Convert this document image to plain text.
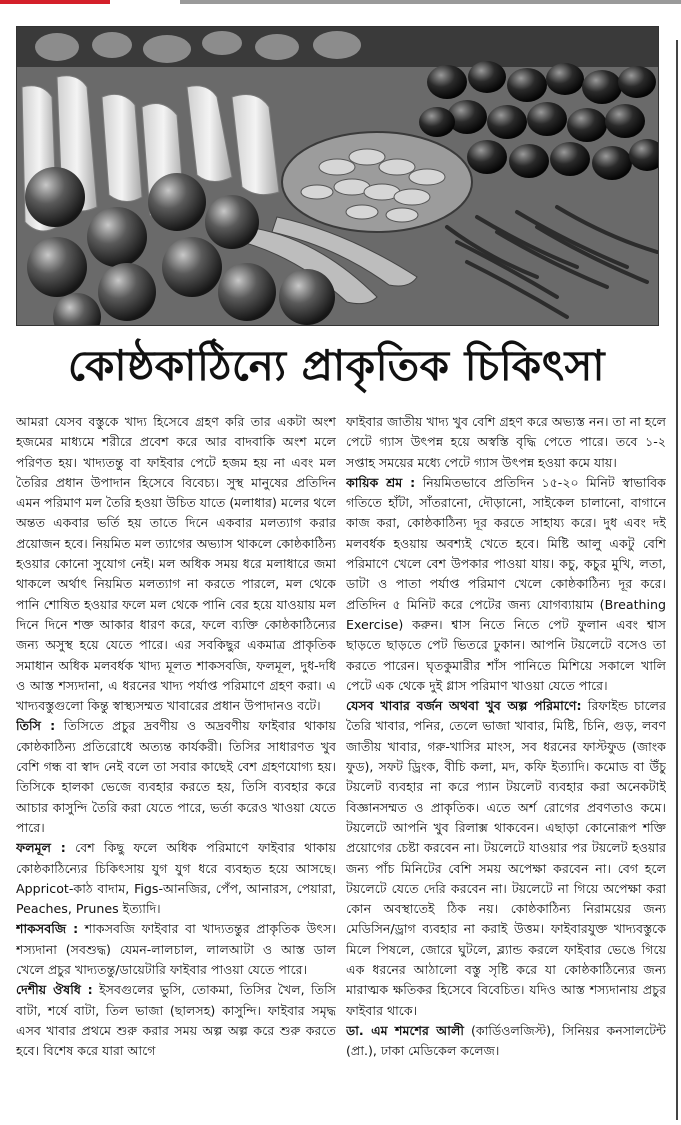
কোষ্ঠকাঠিন্যে প্রাকৃতিক চিকিৎসা

আমরা যেসব বস্তুকে খাদ্য হিসেবে গ্রহণ করি তার একটা অংশ হজমের মাধ্যমে শরীরে প্রবেশ করে আর বাদবাকি অংশ মলে পরিণত হয়। খাদ্যতন্তু বা ফাইবার পেটে হজম হয় না এবং মল তৈরির প্রধান উপাদান হিসেবে বিবেচ্য। সুস্থ মানুষের প্রতিদিন এমন পরিমাণ মল তৈরি হওয়া উচিত যাতে (মলাধার) মলের থলে অন্তত একবার ভর্তি হয় তাতে দিনে একবার মলত্যাগ করার প্রয়োজন হবে। নিয়মিত মল ত্যাগের অভ্যাস থাকলে কোষ্ঠকাঠিন্য হওয়ার কোনো সুযোগ নেই। মল অধিক সময় ধরে মলাধারে জমা থাকলে অর্থাৎ নিয়মিত মলত্যাগ না করতে পারলে, মল থেকে পানি শোষিত হওয়ার ফলে মল থেকে পানি বের হয়ে যাওয়ায় মল দিনে দিনে শক্ত আকার ধারণ করে, ফলে ব্যক্তি কোষ্ঠকাঠিন্যের জন্য অসুস্থ হয়ে যেতে পারে। এর সবকিছুর একমাত্র প্রাকৃতিক সমাধান অধিক মলবর্ধক খাদ্য মূলত শাকসবজি, ফলমূল, দুধ-দধি ও আস্ত শস্যদানা, এ ধরনের খাদ্য পর্যাপ্ত পরিমাণে গ্রহণ করা। এ খাদ্যবস্তুগুলো কিন্তু স্বাস্থ্যসম্মত খাবারের প্রধান উপাদানও বটে।

তিসি : তিসিতে প্রচুর দ্রবণীয় ও অদ্রবণীয় ফাইবার থাকায় কোষ্ঠকাঠিন্য প্রতিরোধে অত্যন্ত কার্যকরী। তিসির সাধারণত খুব বেশি গন্ধ বা স্বাদ নেই বলে তা সবার কাছেই বেশ গ্রহণযোগ্য হয়। তিসিকে হালকা ভেজে ব্যবহার করতে হয়, তিসি ব্যবহার করে আচার কাসুন্দি তৈরি করা যেতে পারে, ভর্তা করেও খাওয়া যেতে পারে।

ফলমূল : বেশ কিছু ফলে অধিক পরিমাণে ফাইবার থাকায় কোষ্ঠকাঠিন্যের চিকিৎসায় যুগ যুগ ধরে ব্যবহৃত হয়ে আসছে। Appricot-কাঠ বাদাম, Figs-আনজির, পেঁপ, আনারস, পেয়ারা, Peaches, Prunes ইত্যাদি।

শাকসবজি : শাকসবজি ফাইবার বা খাদ্যতন্তুর প্রাকৃতিক উৎস। শস্যদানা (সবশুদ্ধ) যেমন-লালচাল, লালআটা ও আস্ত ডাল খেলে প্রচুর খাদ্যতন্তু/ডায়েটারি ফাইবার পাওয়া যেতে পারে।

দেশীয় ঔষধি : ইসবগুলের ভুসি, তোকমা, তিসির খৈল, তিসি বাটা, শর্ষে বাটা, তিল ভাজা (ছালসহ) কাসুন্দি। ফাইবার সমৃদ্ধ এসব খাবার প্রথমে শুরু করার সময় অল্প অল্প করে শুরু করতে হবে। বিশেষ করে যারা আগে

ফাইবার জাতীয় খাদ্য খুব বেশি গ্রহণ করে অভ্যস্ত নন। তা না হলে পেটে গ্যাস উৎপন্ন হয়ে অস্বস্তি বৃদ্ধি পেতে পারে। তবে ১-২ সপ্তাহ সময়ের মধ্যে পেটে গ্যাস উৎপন্ন হওয়া কমে যায়।

কায়িক শ্রম : নিয়মিতভাবে প্রতিদিন ১৫-২০ মিনিট স্বাভাবিক গতিতে হাঁটা, সাঁতরানো, দৌড়ানো, সাইকেল চালানো, বাগানে কাজ করা, কোষ্ঠকাঠিন্য দূর করতে সাহায্য করে। দুধ এবং দই মলবর্ধক হওয়ায় অবশ্যই খেতে হবে। মিষ্টি আলু একটু বেশি পরিমাণে খেলে বেশ উপকার পাওয়া যায়। কচু, কচুর মুখি, লতা, ডাটা ও পাতা পর্যাপ্ত পরিমাণ খেলে কোষ্ঠকাঠিন্য দূর করে। প্রতিদিন ৫ মিনিট করে পেটের জন্য যোগব্যায়াম (Breathing Exercise) করুন। শ্বাস নিতে নিতে পেট ফুলান এবং শ্বাস ছাড়তে ছাড়তে পেট ভিতরে ঢুকান। আপনি টয়লেটে বসেও তা করতে পারেন। ঘৃতকুমারীর শাঁস পানিতে মিশিয়ে সকালে খালি পেটে এক থেকে দুই গ্লাস পরিমাণ খাওয়া যেতে পারে।

যেসব খাবার বর্জন অথবা খুব অল্প পরিমাণে: রিফাইন্ড চালের তৈরি খাবার, পনির, তেলে ভাজা খাবার, মিষ্টি, চিনি, গুড়, লবণ জাতীয় খাবার, গরু-খাসির মাংস, সব ধরনের ফাস্টফুড (জাংক ফুড), সফট ড্রিংক, বীচি কলা, মদ, কফি ইত্যাদি। কমোড বা উঁচু টয়লেট ব্যবহার না করে প্যান টয়লেট ব্যবহার করা অনেকটাই বিজ্ঞানসম্মত ও প্রাকৃতিক। এতে অর্শ রোগের প্রবণতাও কমে। টয়লেটে আপনি খুব রিলাক্স থাকবেন। এছাড়া কোনোরূপ শক্তি প্রয়োগের চেষ্টা করবেন না। টয়লেটে যাওয়ার পর টয়লেট হওয়ার জন্য পাঁচ মিনিটের বেশি সময় অপেক্ষা করবেন না। বেগ হলে টয়লেটে যেতে দেরি করবেন না। টয়লেটে না গিয়ে অপেক্ষা করা কোন অবস্থাতেই ঠিক নয়। কোষ্ঠকাঠিন্য নিরাময়ের জন্য মেডিসিন/ড্রাগ ব্যবহার না করাই উত্তম। ফাইবারযুক্ত খাদ্যবস্তুকে মিলে পিষলে, জোরে ঘুটলে, ব্ল্যান্ড করলে ফাইবার ভেঙে গিয়ে এক ধরনের আঠালো বস্তু সৃষ্টি করে যা কোষ্ঠকাঠিন্যের জন্য মারাত্মক ক্ষতিকর হিসেবে বিবেচিত। যদিও আস্ত শস্যদানায় প্রচুর ফাইবার থাকে।

ডা. এম শমশের আলী (কার্ডিওলজিস্ট), সিনিয়র কনসালটেন্ট (প্রা.), ঢাকা মেডিকেল কলেজ।
